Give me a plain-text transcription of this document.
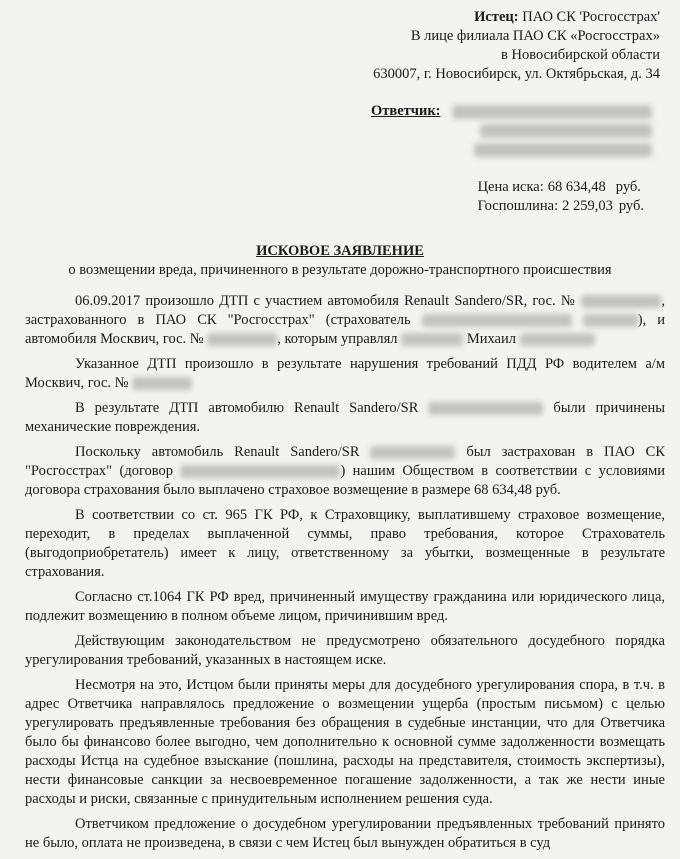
Истец: ПАО СК 'Росгосстрах'
В лице филиала ПАО СК «Росгосстрах»
в Новосибирской области
630007, г. Новосибирск, ул. Октябрьская, д. 34
Ответчик:
Цена иска: 68 634,48 руб.
Госпошлина: 2 259,03 руб.
ИСКОВОЕ ЗАЯВЛЕНИЕ
о возмещении вреда, причиненного в результате дорожно-транспортного происшествия

06.09.2017 произошло ДТП с участием автомобиля Renault Sandero/SR, гос. №	, застрахованного в ПАО СК "Росгосстрах" (страхователь	), и автомобиля Москвич, гос. №	, которым управлял	Михаил

Указанное ДТП произошло в результате нарушения требований ПДД РФ водителем а/м Москвич, гос. №

В результате ДТП автомобилю Renault Sandero/SR	были причинены механические повреждения.

Поскольку автомобиль Renault Sandero/SR	был застрахован в ПАО СК "Росгосстрах" (договор	) нашим Обществом в соответствии с условиями договора страхования было выплачено страховое возмещение в размере 68 634,48 руб.

В соответствии со ст. 965 ГК РФ, к Страховщику, выплатившему страховое возмещение, переходит, в пределах выплаченной суммы, право требования, которое Страхователь (выгодоприобретатель) имеет к лицу, ответственному за убытки, возмещенные в результате страхования.

Согласно ст.1064 ГК РФ вред, причиненный имуществу гражданина или юридического лица, подлежит возмещению в полном объеме лицом, причинившим вред.

Действующим законодательством не предусмотрено обязательного досудебного порядка урегулирования требований, указанных в настоящем иске.

Несмотря на это, Истцом были приняты меры для досудебного урегулирования спора, в т.ч. в адрес Ответчика направлялось предложение о возмещении ущерба (простым письмом) с целью урегулировать предъявленные требования без обращения в судебные инстанции, что для Ответчика было бы финансово более выгодно, чем дополнительно к основной сумме задолженности возмещать расходы Истца на судебное взыскание (пошлина, расходы на представителя, стоимость экспертизы), нести финансовые санкции за несвоевременное погашение задолженности, а так же нести иные расходы и риски, связанные с принудительным исполнением решения суда.

Ответчиком предложение о досудебном урегулировании предъявленных требований принято не было, оплата не произведена, в связи с чем Истец был вынужден обратиться в суд
